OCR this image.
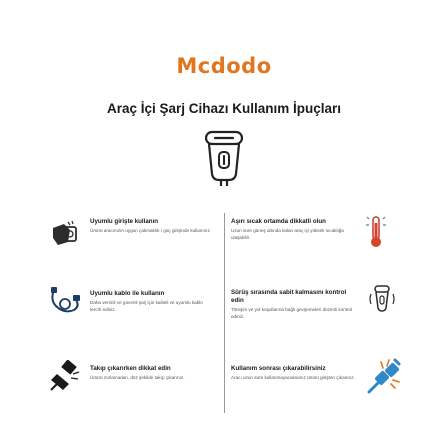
Mcdodo
Araç İçi Şarj Cihazı Kullanım İpuçları
Uyumlu girişte kullanın
Ürünü aracınızın uygun çakmaklık / güç girişinde kullanınız.
Uyumlu kablo ile kullanın
Daha verimli ve güvenli şarj için kaliteli ve uyumlu kablo tercih ediniz.
Takıp çıkarırken dikkat edin
Ürünü zorlamadan, düz şekilde takıp çıkarınız.
Aşırı sıcak ortamda dikkatli olun
Uzun süre güneş altında kalan araç içi yüksek sıcaklığa ulaşabilir.
Sürüş sırasında sabit kalmasını kontrol edin
Titreşim ve yol koşullarına bağlı gevşemeleri düzenli kontrol ediniz.
Kullanım sonrası çıkarabilirsiniz
Aracı uzun süre kullanmayacaksanız ürünü girişten çıkarınız.
